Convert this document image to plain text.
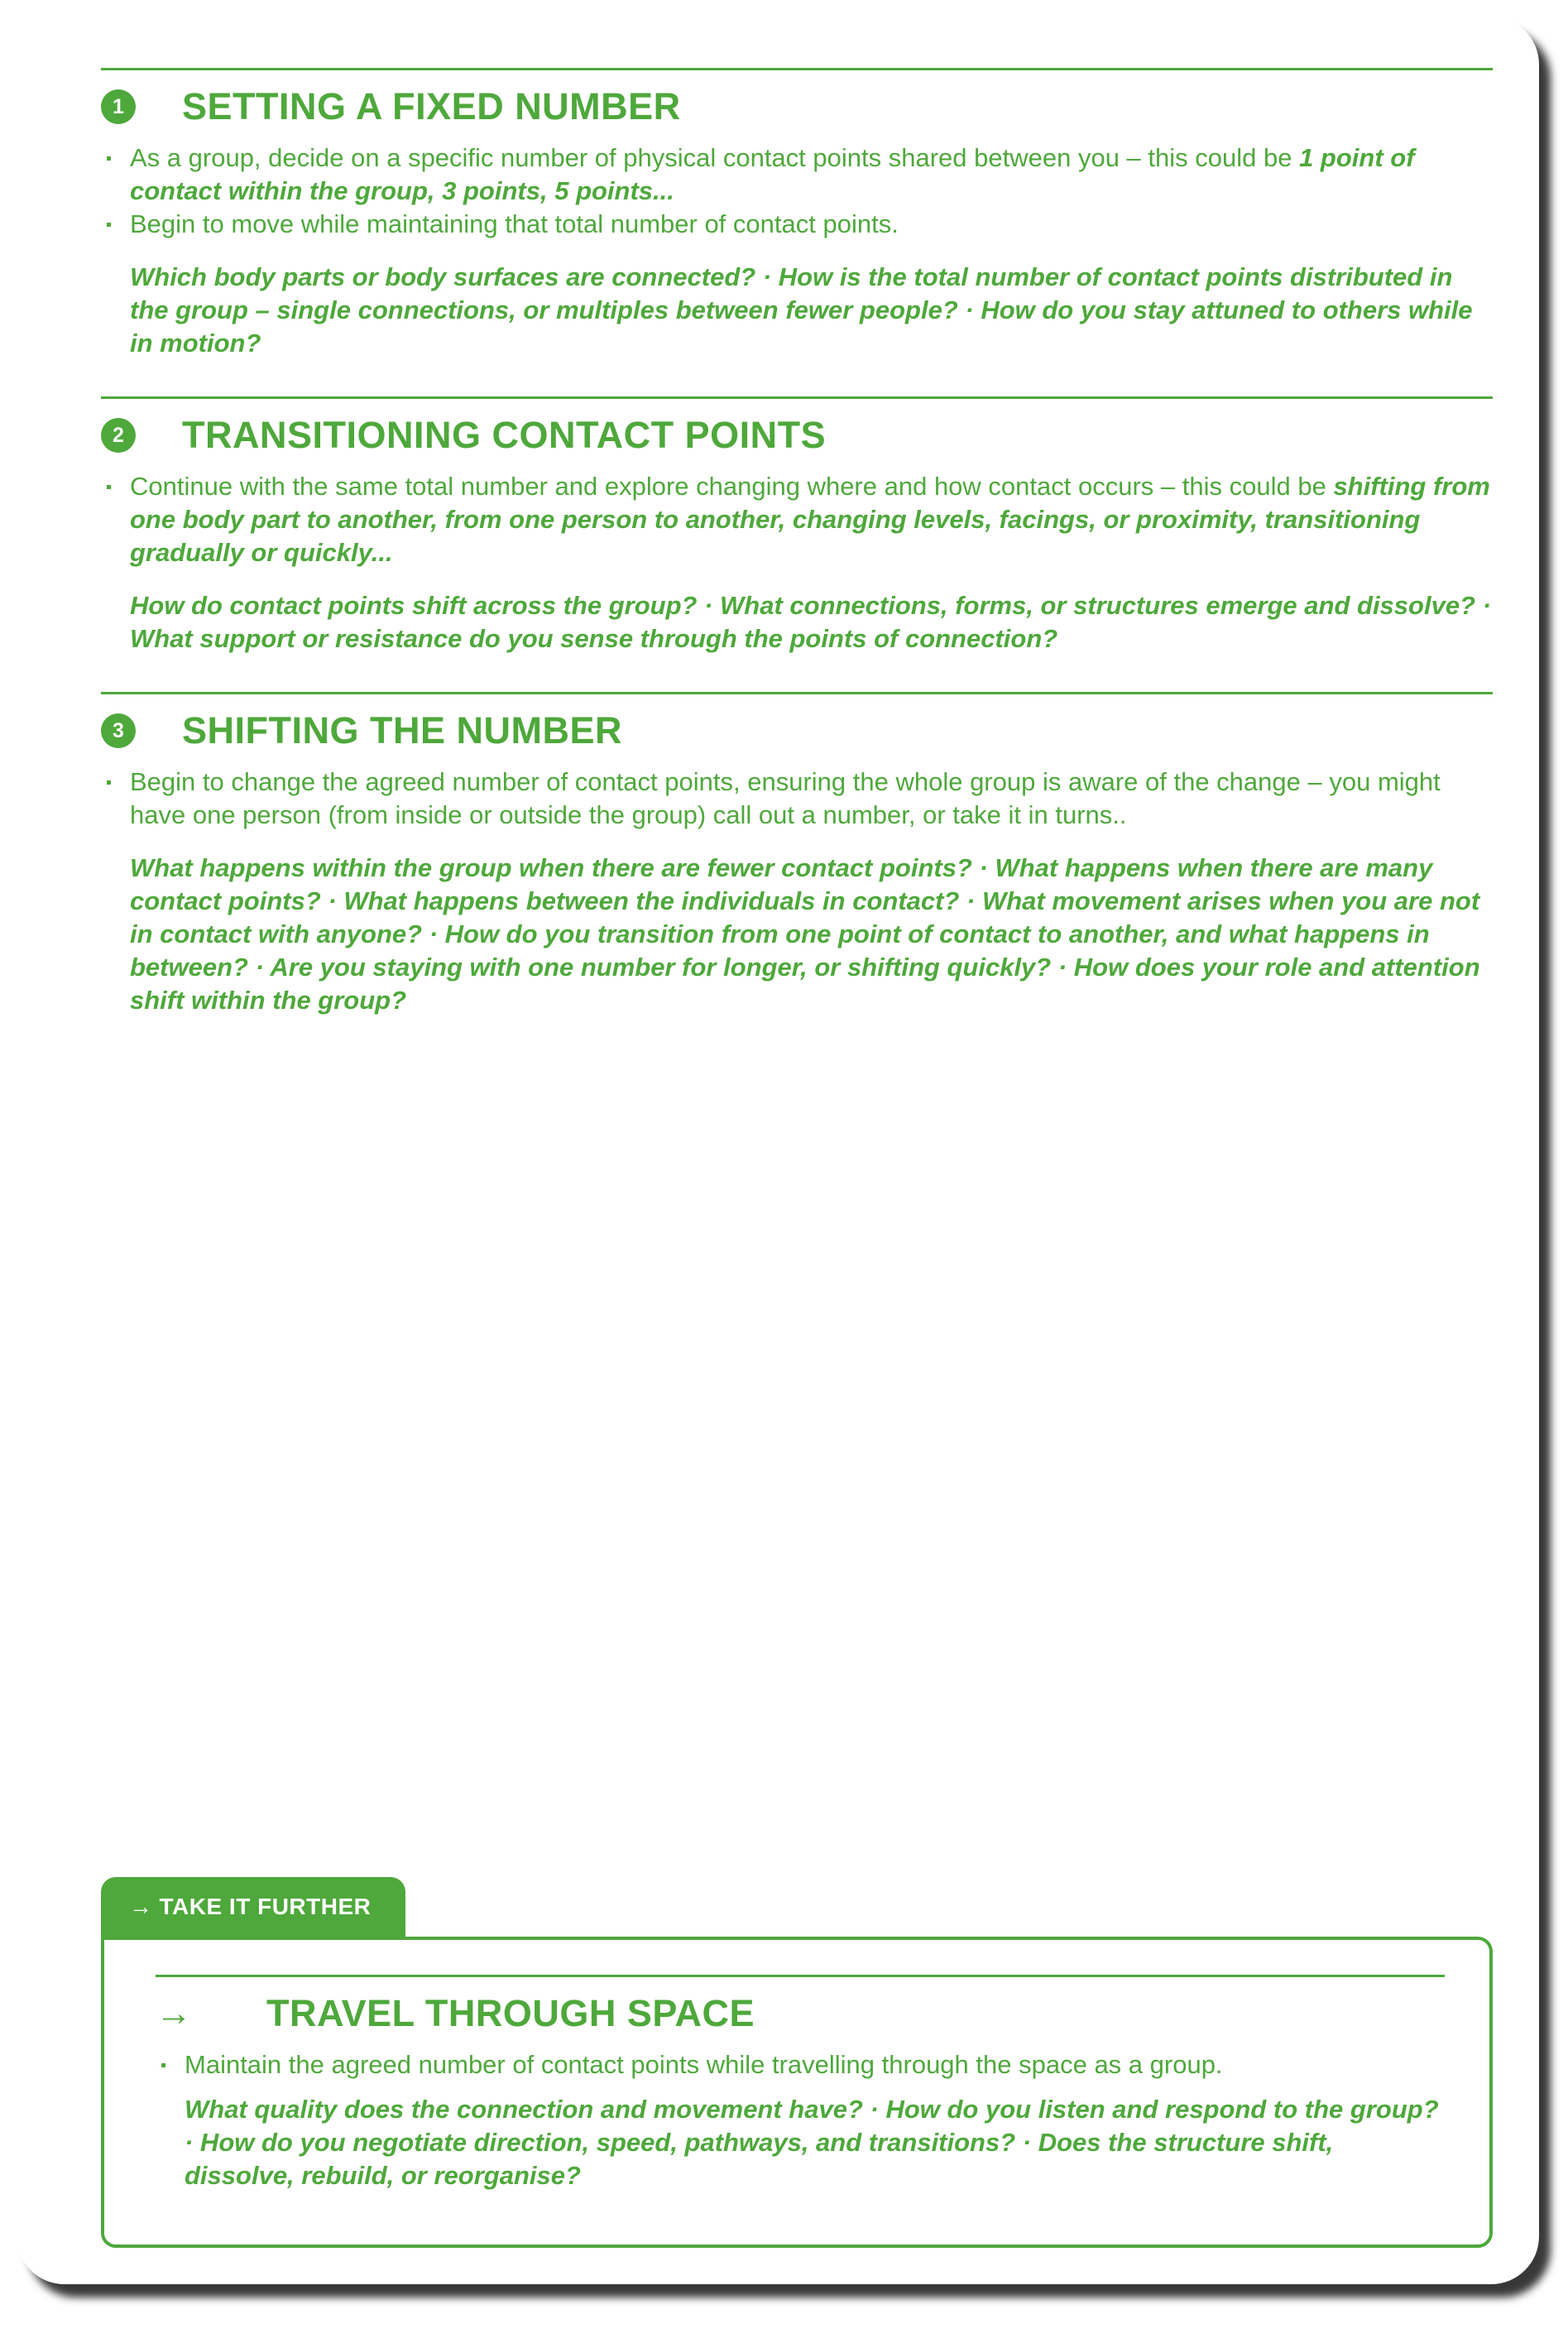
1	SETTING A FIXED NUMBER
As a group, decide on a specific number of physical contact points shared between you – this could be 1 point of contact within the group, 3 points, 5 points...
Begin to move while maintaining that total number of contact points.

Which body parts or body surfaces are connected? · How is the total number of contact points distributed in the group – single connections, or multiples between fewer people? · How do you stay attuned to others while in motion?

2	TRANSITIONING CONTACT POINTS
Continue with the same total number and explore changing where and how contact occurs – this could be shifting from one body part to another, from one person to another, changing levels, facings, or proximity, transitioning gradually or quickly...

How do contact points shift across the group? · What connections, forms, or structures emerge and dissolve? · What support or resistance do you sense through the points of connection?

3	SHIFTING THE NUMBER
Begin to change the agreed number of contact points, ensuring the whole group is aware of the change – you might have one person (from inside or outside the group) call out a number, or take it in turns..

What happens within the group when there are fewer contact points? · What happens when there are many contact points? · What happens between the individuals in contact? · What movement arises when you are not in contact with anyone? · How do you transition from one point of contact to another, and what happens in between? · Are you staying with one number for longer, or shifting quickly? · How does your role and attention shift within the group?

→ TAKE IT FURTHER
→ TRAVEL THROUGH SPACE
Maintain the agreed number of contact points while travelling through the space as a group.

What quality does the connection and movement have? · How do you listen and respond to the group? · How do you negotiate direction, speed, pathways, and transitions? · Does the structure shift, dissolve, rebuild, or reorganise?
